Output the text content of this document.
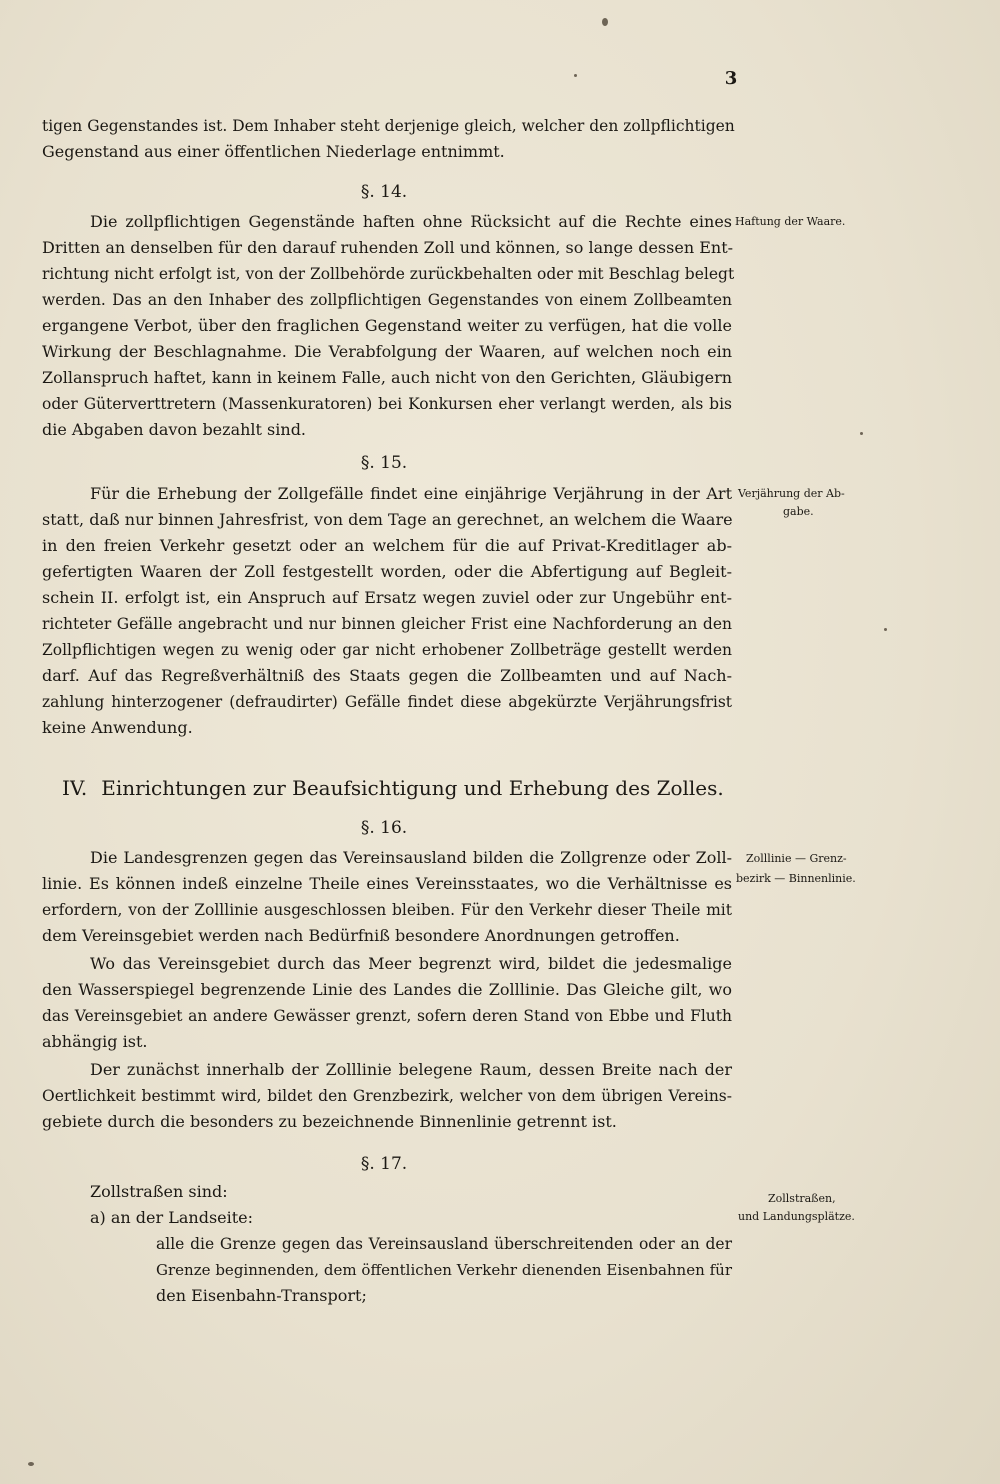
3
tigen Gegenstandes ist. Dem Inhaber steht derjenige gleich, welcher den zollpflichtigen
Gegenstand aus einer öffentlichen Niederlage entnimmt.
§. 14.
Haftung der Waare.
Die zollpflichtigen Gegenstände haften ohne Rücksicht auf die Rechte eines
Dritten an denselben für den darauf ruhenden Zoll und können, so lange dessen Ent-
richtung nicht erfolgt ist, von der Zollbehörde zurückbehalten oder mit Beschlag belegt
werden. Das an den Inhaber des zollpflichtigen Gegenstandes von einem Zollbeamten
ergangene Verbot, über den fraglichen Gegenstand weiter zu verfügen, hat die volle
Wirkung der Beschlagnahme. Die Verabfolgung der Waaren, auf welchen noch ein
Zollanspruch haftet, kann in keinem Falle, auch nicht von den Gerichten, Gläubigern
oder Güterverttretern (Massenkuratoren) bei Konkursen eher verlangt werden, als bis
die Abgaben davon bezahlt sind.
§. 15.
Verjährung der Ab-
gabe.
Für die Erhebung der Zollgefälle findet eine einjährige Verjährung in der Art
statt, daß nur binnen Jahresfrist, von dem Tage an gerechnet, an welchem die Waare
in den freien Verkehr gesetzt oder an welchem für die auf Privat-Kreditlager ab-
gefertigten Waaren der Zoll festgestellt worden, oder die Abfertigung auf Begleit-
schein II. erfolgt ist, ein Anspruch auf Ersatz wegen zuviel oder zur Ungebühr ent-
richteter Gefälle angebracht und nur binnen gleicher Frist eine Nachforderung an den
Zollpflichtigen wegen zu wenig oder gar nicht erhobener Zollbeträge gestellt werden
darf. Auf das Regreßverhältniß des Staats gegen die Zollbeamten und auf Nach-
zahlung hinterzogener (defraudirter) Gefälle findet diese abgekürzte Verjährungsfrist
keine Anwendung.
IV. Einrichtungen zur Beaufsichtigung und Erhebung des Zolles.
§. 16.
Zolllinie — Grenz-
bezirk — Binnenlinie.
Die Landesgrenzen gegen das Vereinsausland bilden die Zollgrenze oder Zoll-
linie. Es können indeß einzelne Theile eines Vereinsstaates, wo die Verhältnisse es
erfordern, von der Zolllinie ausgeschlossen bleiben. Für den Verkehr dieser Theile mit
dem Vereinsgebiet werden nach Bedürfniß besondere Anordnungen getroffen.
Wo das Vereinsgebiet durch das Meer begrenzt wird, bildet die jedesmalige
den Wasserspiegel begrenzende Linie des Landes die Zolllinie. Das Gleiche gilt, wo
das Vereinsgebiet an andere Gewässer grenzt, sofern deren Stand von Ebbe und Fluth
abhängig ist.
Der zunächst innerhalb der Zolllinie belegene Raum, dessen Breite nach der
Oertlichkeit bestimmt wird, bildet den Grenzbezirk, welcher von dem übrigen Vereins-
gebiete durch die besonders zu bezeichnende Binnenlinie getrennt ist.
§. 17.
Zollstraßen,
und Landungsplätze.
Zollstraßen sind:
a) an der Landseite:
alle die Grenze gegen das Vereinsausland überschreitenden oder an der
Grenze beginnenden, dem öffentlichen Verkehr dienenden Eisenbahnen für
den Eisenbahn-Transport;
